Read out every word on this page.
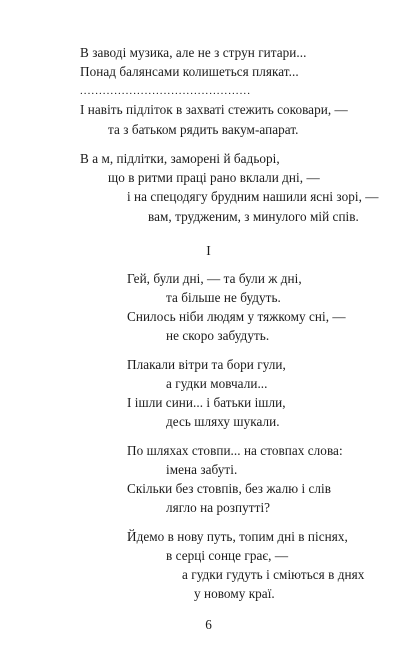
В заводі музика, але не з струн гитари...
Понад балянсами колишеться плякат...
.............................................
І навіть підліток в захваті стежить соковари, —
та з батьком рядить вакум-апарат.
В а м, підлітки, заморені й бадьорі,
що в ритми праці рано вклали дні, —
і на спецодягу брудним нашили ясні зорі, —
вам, трудженим, з минулого мій спів.
I
Гей, були дні, — та були ж дні,
та більше не будуть.
Снилось ніби людям у тяжкому сні, —
не скоро забудуть.
Плакали вітри та бори гули,
а гудки мовчали...
І ішли сини... і батьки ішли,
десь шляху шукали.
По шляхах стовпи... на стовпах слова:
імена забуті.
Скільки без стовпів, без жалю і слів
лягло на розпутті?
Йдемо в нову путь, топим дні в піснях,
в серці сонце грає, —
а гудки гудуть і сміються в днях
у новому краї.
6
